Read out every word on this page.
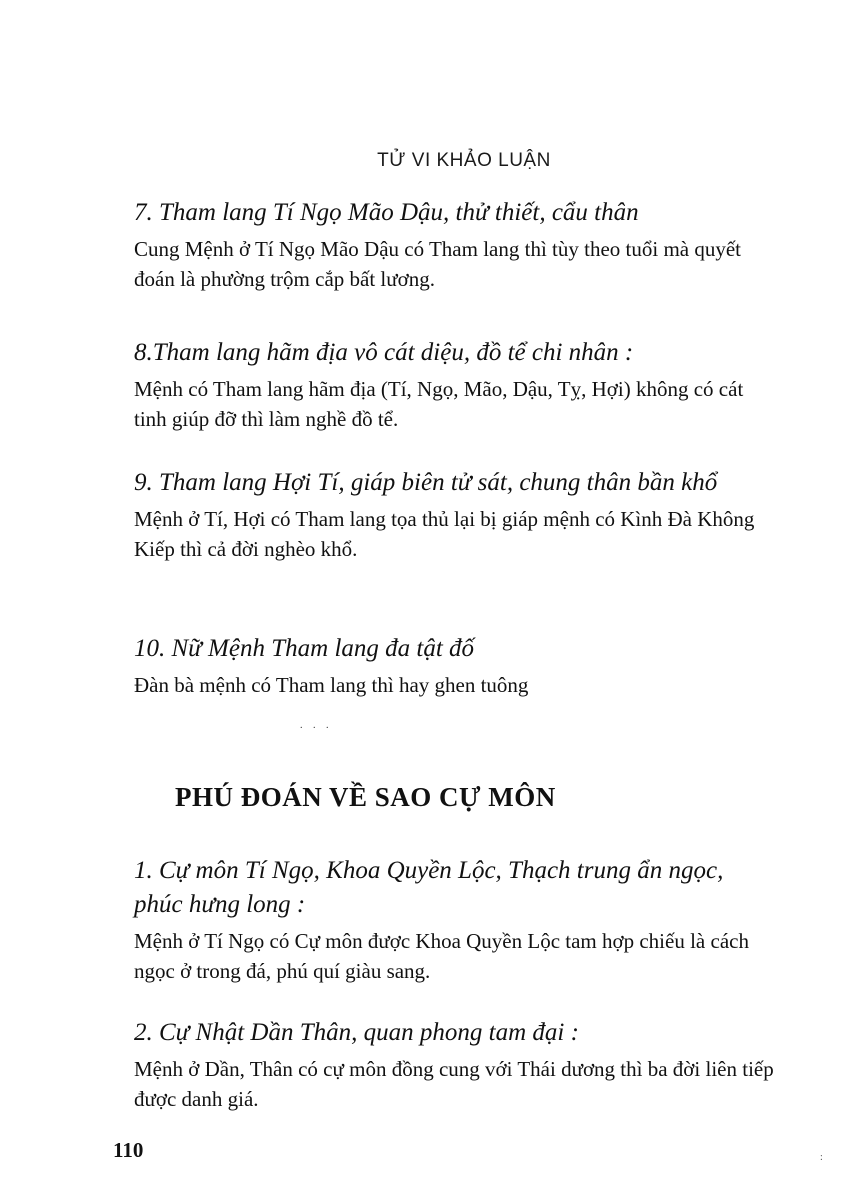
TỬ VI KHẢO LUẬN

7. Tham lang Tí Ngọ Mão Dậu, thử thiết, cẩu thân

Cung Mệnh ở Tí Ngọ Mão Dậu có Tham lang thì tùy theo tuổi mà quyết đoán là phường trộm cắp bất lương.

8.Tham lang hãm địa vô cát diệu, đồ tể chi nhân :

Mệnh có Tham lang hãm địa (Tí, Ngọ, Mão, Dậu, Tỵ, Hợi) không có cát tinh giúp đỡ thì làm nghề đồ tể.

9. Tham lang Hợi Tí, giáp biên tử sát, chung thân bần khổ

Mệnh ở Tí, Hợi có Tham lang tọa thủ lại bị giáp mệnh có Kình Đà Không Kiếp thì cả đời nghèo khổ.

10. Nữ Mệnh Tham lang đa tật đố

Đàn bà mệnh có Tham lang thì hay ghen tuông

. . .
PHÚ ĐOÁN VỀ SAO CỰ MÔN

1. Cự môn Tí Ngọ, Khoa Quyền Lộc, Thạch trung ẩn ngọc, phúc hưng long :

Mệnh ở Tí Ngọ có Cự môn được Khoa Quyền Lộc tam hợp chiếu là cách ngọc ở trong đá, phú quí giàu sang.

2. Cự Nhật Dần Thân, quan phong tam đại :

Mệnh ở Dần, Thân có cự môn đồng cung với Thái dương thì ba đời liên tiếp được danh giá.

110	:
